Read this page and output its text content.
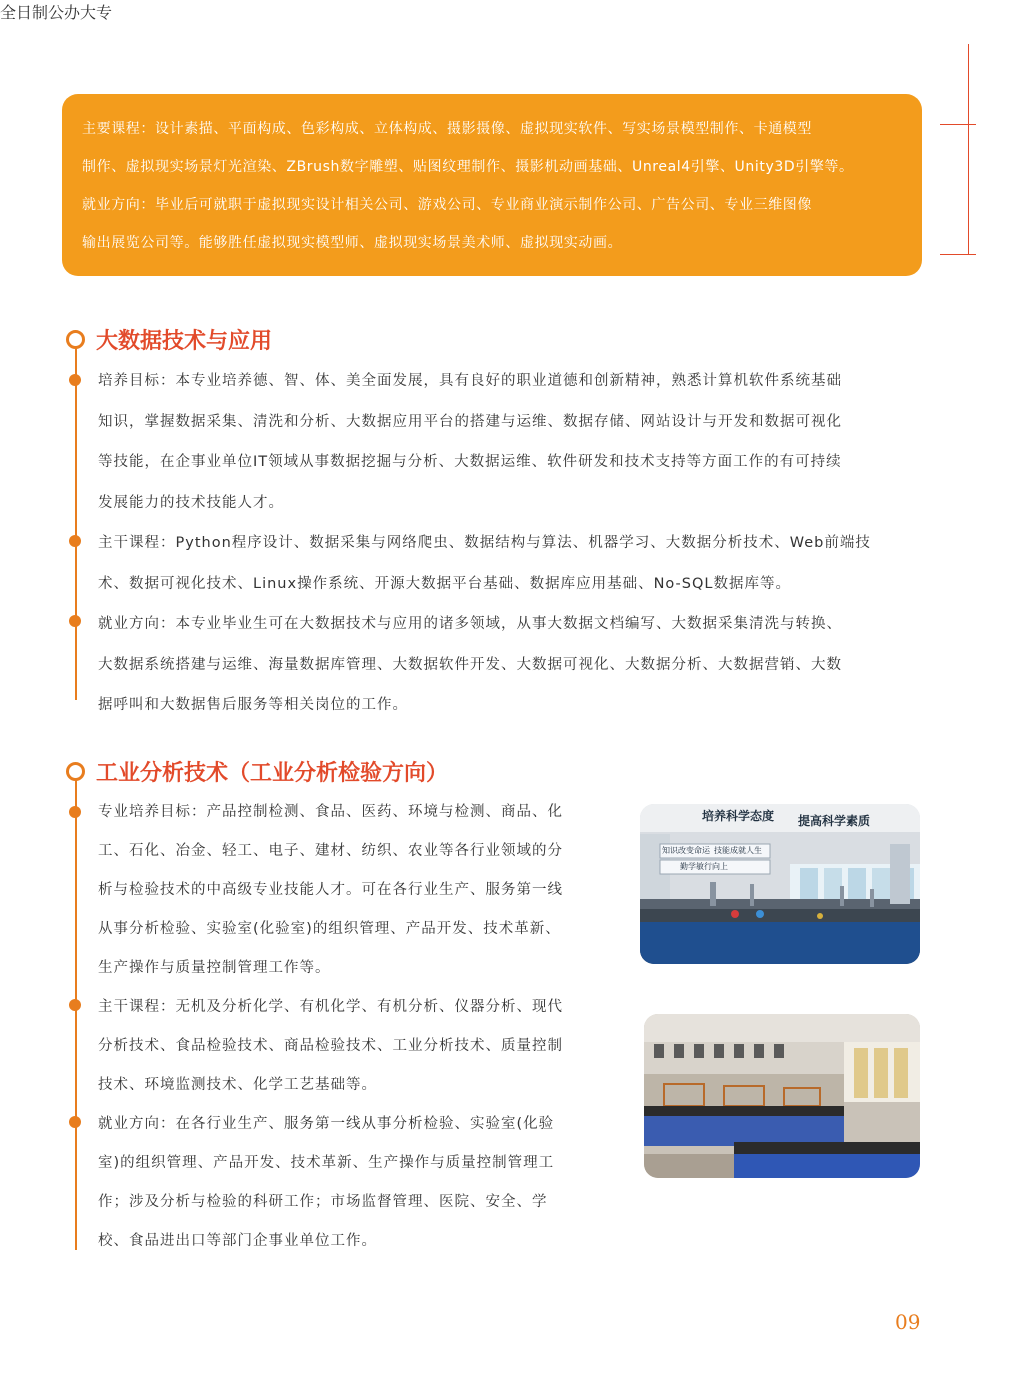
全日制公办大专

主要课程：设计素描、平面构成、色彩构成、立体构成、摄影摄像、虚拟现实软件、写实场景模型制作、卡通模型

制作、虚拟现实场景灯光渲染、ZBrush数字雕塑、贴图纹理制作、摄影机动画基础、Unreal4引擎、Unity3D引擎等。

就业方向：毕业后可就职于虚拟现实设计相关公司、游戏公司、专业商业演示制作公司、广告公司、专业三维图像

输出展览公司等。能够胜任虚拟现实模型师、虚拟现实场景美术师、虚拟现实动画。

大数据技术与应用

培养目标：本专业培养德、智、体、美全面发展，具有良好的职业道德和创新精神，熟悉计算机软件系统基础

知识，掌握数据采集、清洗和分析、大数据应用平台的搭建与运维、数据存储、网站设计与开发和数据可视化

等技能，在企事业单位IT领域从事数据挖掘与分析、大数据运维、软件研发和技术支持等方面工作的有可持续

发展能力的技术技能人才。

主干课程：Python程序设计、数据采集与网络爬虫、数据结构与算法、机器学习、大数据分析技术、Web前端技

术、数据可视化技术、Linux操作系统、开源大数据平台基础、数据库应用基础、No-SQL数据库等。

就业方向：本专业毕业生可在大数据技术与应用的诸多领域，从事大数据文档编写、大数据采集清洗与转换、

大数据系统搭建与运维、海量数据库管理、大数据软件开发、大数据可视化、大数据分析、大数据营销、大数

据呼叫和大数据售后服务等相关岗位的工作。

工业分析技术（工业分析检验方向）

专业培养目标：产品控制检测、食品、医药、环境与检测、商品、化

工、石化、冶金、轻工、电子、建材、纺织、农业等各行业领域的分

析与检验技术的中高级专业技能人才。可在各行业生产、服务第一线

从事分析检验、实验室(化验室)的组织管理、产品开发、技术革新、

生产操作与质量控制管理工作等。

主干课程：无机及分析化学、有机化学、有机分析、仪器分析、现代

分析技术、食品检验技术、商品检验技术、工业分析技术、质量控制

技术、环境监测技术、化学工艺基础等。

就业方向：在各行业生产、服务第一线从事分析检验、实验室(化验

室)的组织管理、产品开发、技术革新、生产操作与质量控制管理工

作；涉及分析与检验的科研工作；市场监督管理、医院、安全、学

校、食品进出口等部门企事业单位工作。

培养科学态度 提高科学素质
知识改变命运 技能成就人生
勤学敏行向上
09
